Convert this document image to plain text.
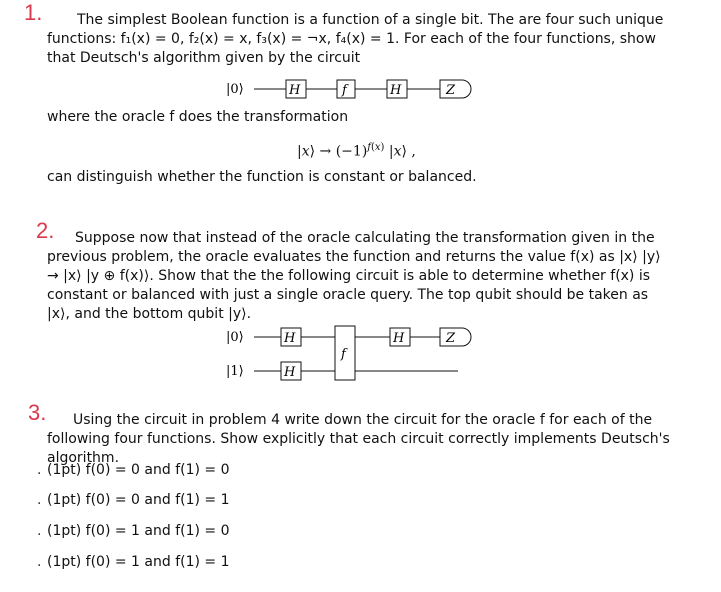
1.	The simplest Boolean function is a function of a single bit. The are four such unique functions: f₁(x) = 0, f₂(x) = x, f₃(x) = ¬x, f₄(x) = 1. For each of the four functions, show that Deutsch's algorithm given by the circuit

|0⟩	H	f	H	Z

where the oracle f does the transformation

|x⟩ → $(-1)^{f(x)}$ |x⟩ ,

can distinguish whether the function is constant or balanced.

2.	Suppose now that instead of the oracle calculating the transformation given in the previous problem, the oracle evaluates the function and returns the value f(x) as |x⟩ |y⟩ → |x⟩ |y ⊕ f(x)⟩. Show that the the following circuit is able to determine whether f(x) is constant or balanced with just a single oracle query. The top qubit should be taken as |x⟩, and the bottom qubit |y⟩.

|0⟩
|1⟩
H
H
f
H	Z
3.	Using the circuit in problem 4 write down the circuit for the oracle f for each of the following four functions. Show explicitly that each circuit correctly implements Deutsch's algorithm.

. (1pt) f(0) = 0 and f(1) = 0
. (1pt) f(0) = 0 and f(1) = 1
. (1pt) f(0) = 1 and f(1) = 0
. (1pt) f(0) = 1 and f(1) = 1
